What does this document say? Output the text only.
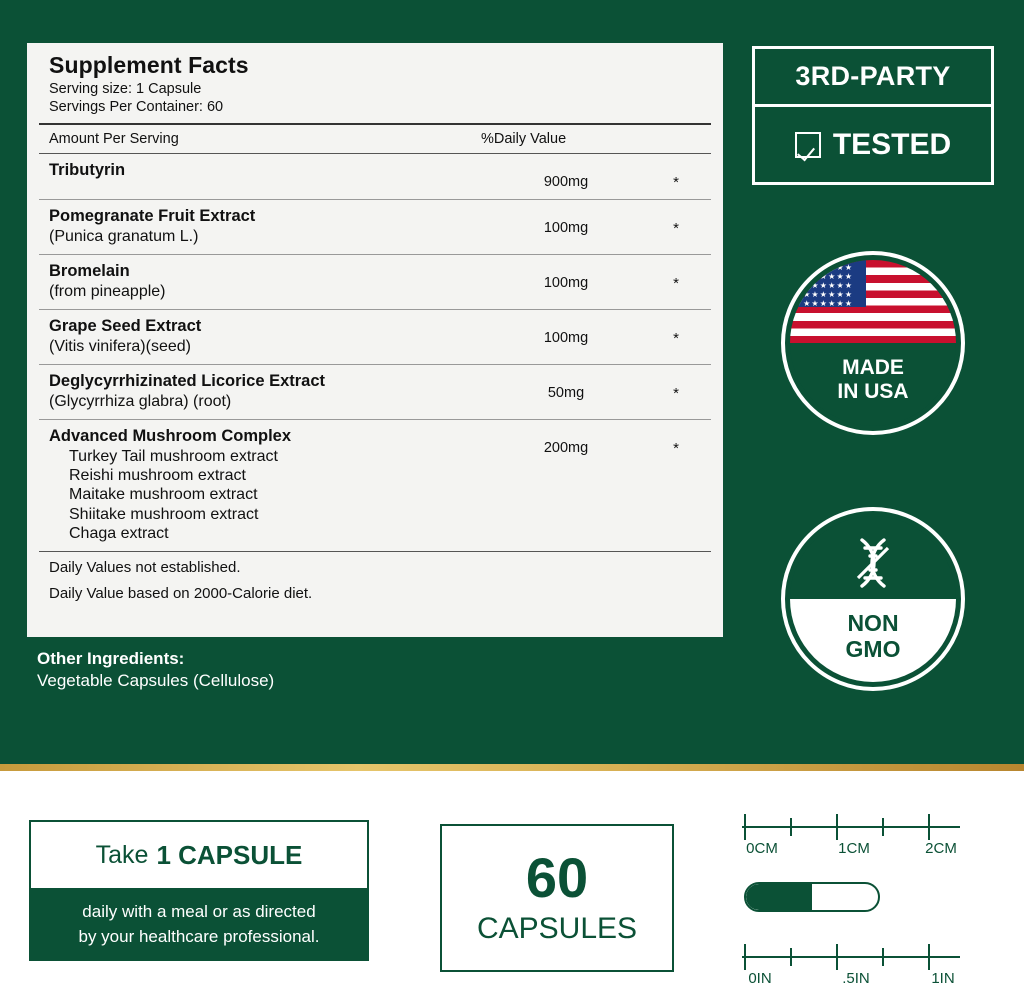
Supplement Facts
Serving size: 1 Capsule
Servings Per Container: 60
Amount Per Serving	%Daily Value
Tributyrin
900mg	*
Pomegranate Fruit Extract
(Punica granatum L.)	100mg	*
Bromelain
(from pineapple)	100mg	*
Grape Seed Extract
(Vitis vinifera)(seed)	100mg	*
Deglycyrrhizinated Licorice Extract
(Glycyrrhiza glabra) (root)	50mg	*
Advanced Mushroom Complex
Turkey Tail mushroom extract
Reishi mushroom extract
Maitake mushroom extract
Shiitake mushroom extract
Chaga extract
200mg	*
Daily Values not established.
Daily Value based on 2000-Calorie diet.
Other Ingredients:
Vegetable Capsules (Cellulose)
3RD-PARTY
TESTED
★★★★★★
★★★★★★
★★★★★★
★★★★★★
★★★★★★
MADE
IN USA
NON
GMO
Take 1 CAPSULE
daily with a meal or as directed
by your healthcare professional.
60
CAPSULES
0CM	1CM	2CM
0IN	.5IN	1IN
